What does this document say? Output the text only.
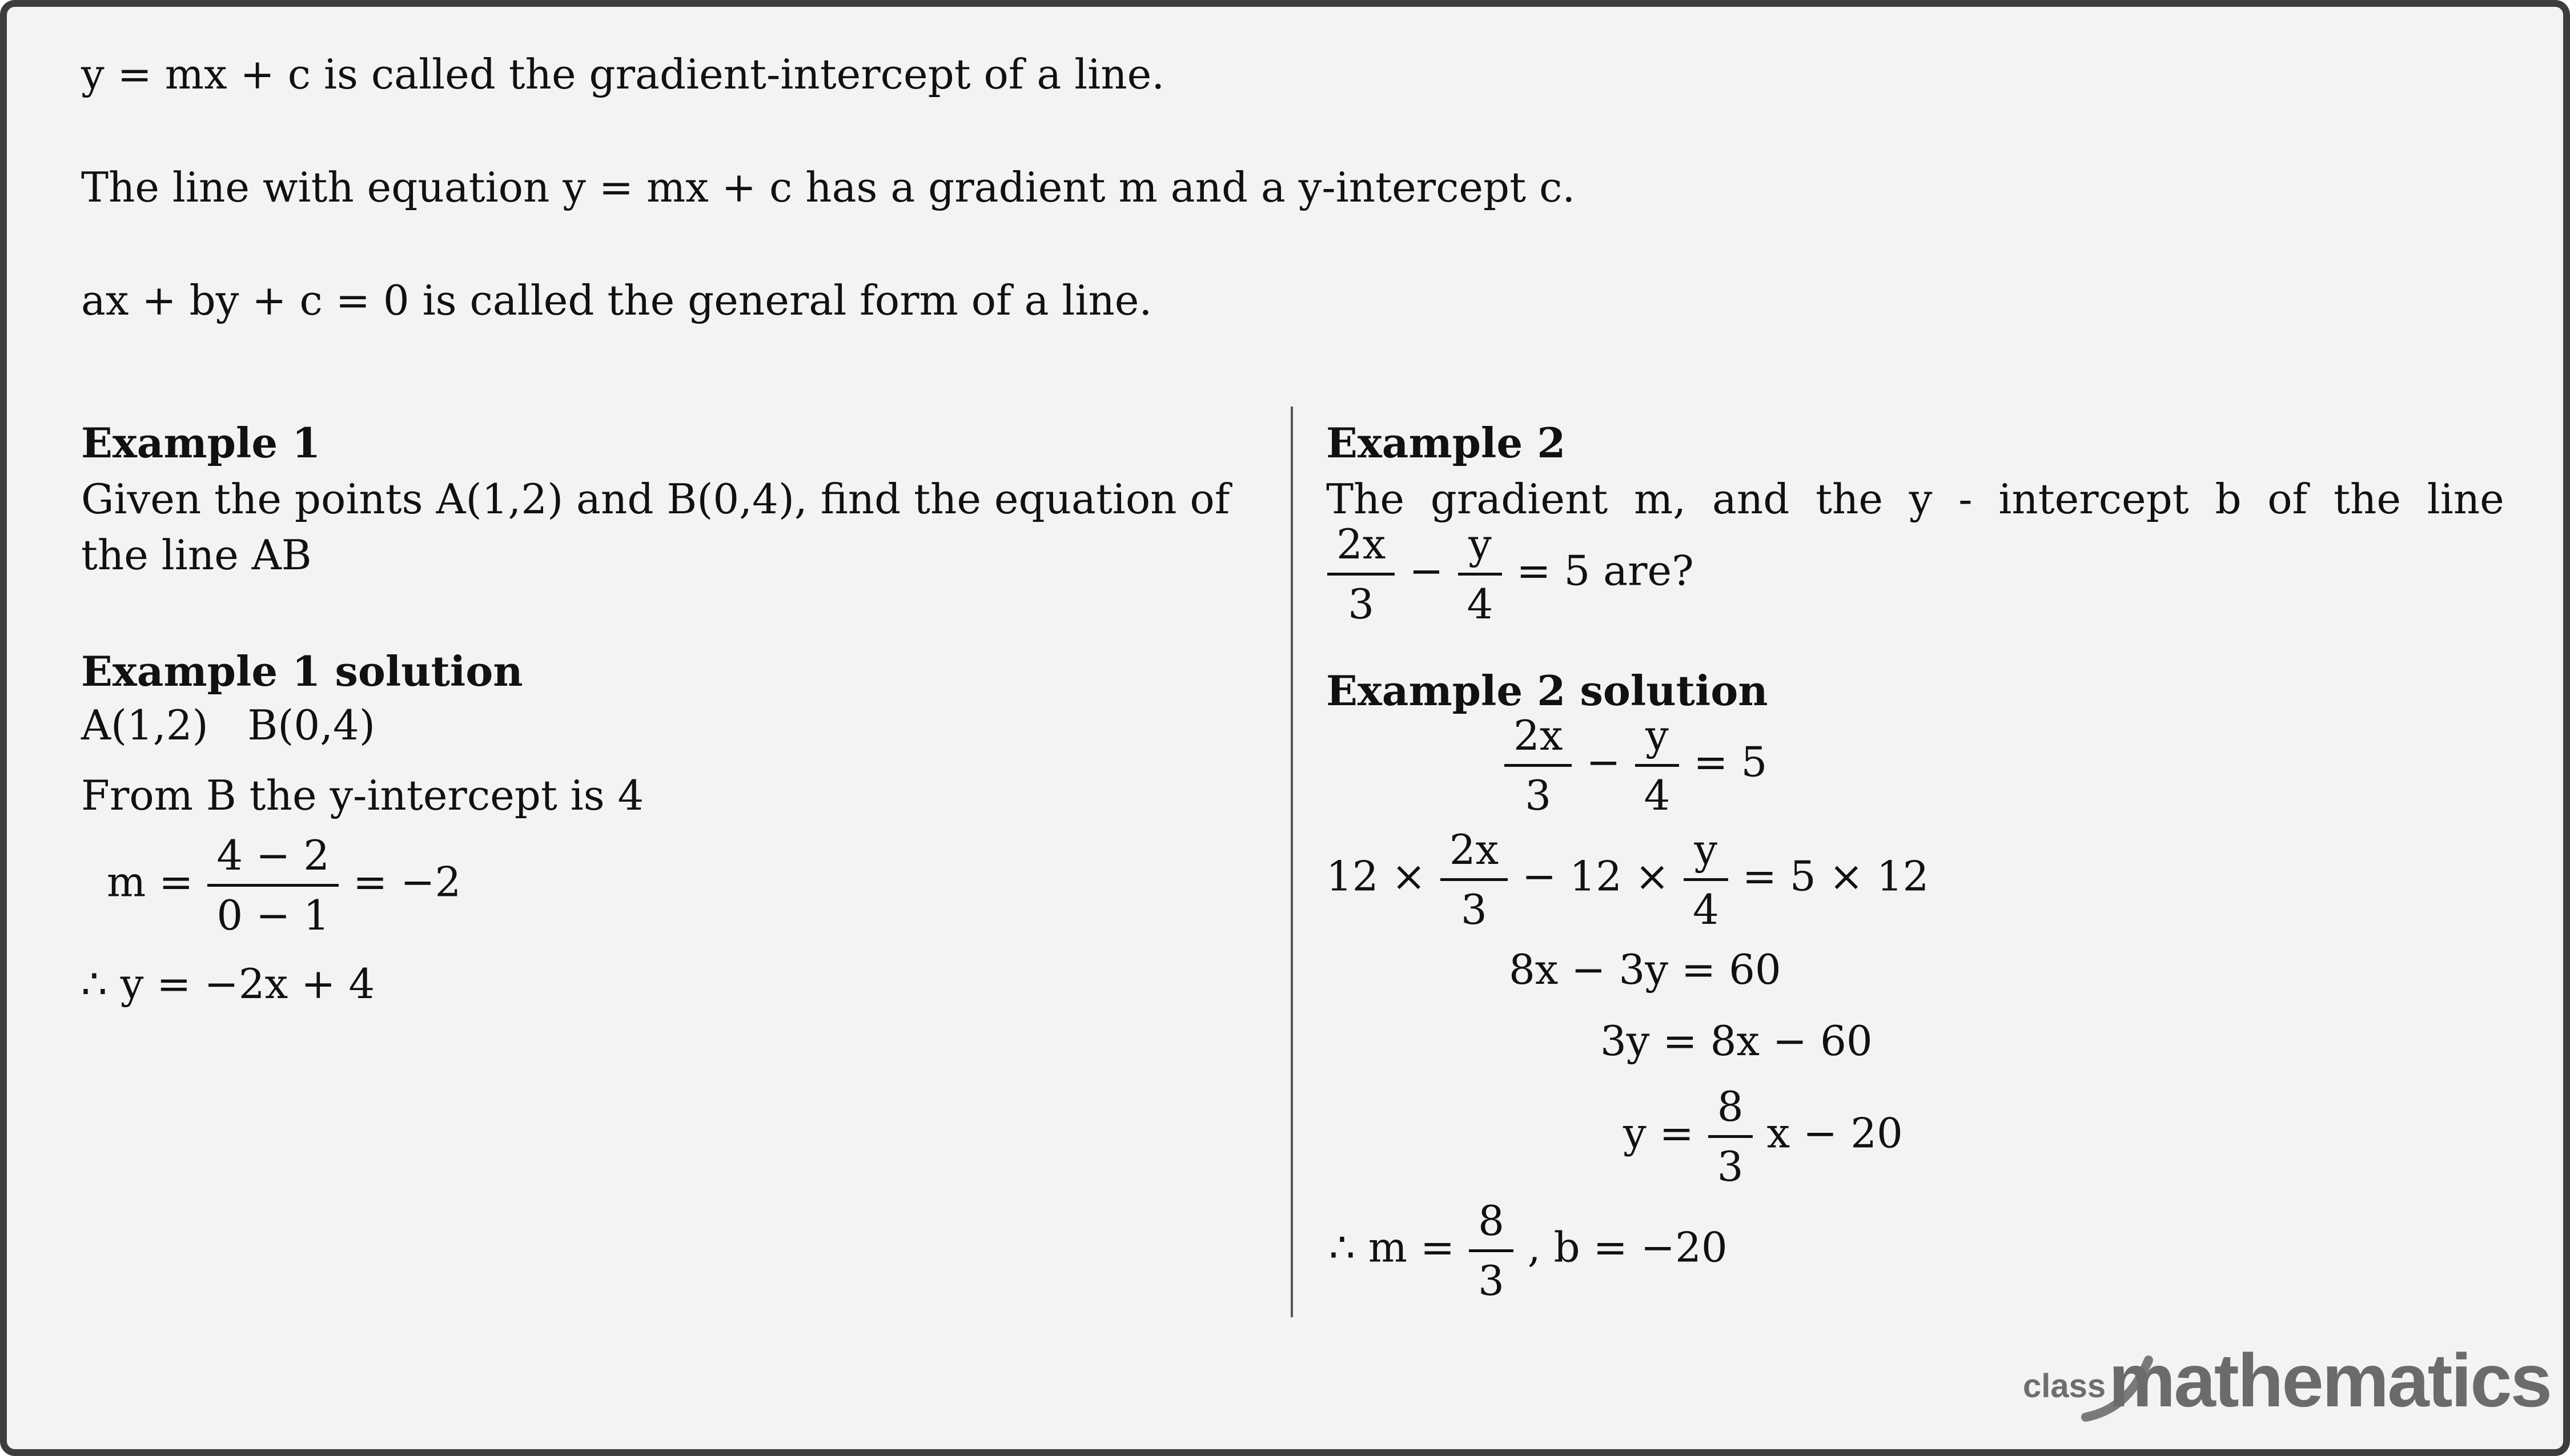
y = mx + c is called the gradient-intercept of a line.
The line with equation y = mx + c has a gradient m and a y-intercept c.
ax + by + c = 0 is called the general form of a line.
Example 1
Given the points A(1,2) and B(0,4), find the equation of
the line AB
Example 1 solution
A(1,2)   B(0,4)
From B the y-intercept is 4
$m = \frac{4 - 2}{0 - 1} = -2$
∴ y = −2x + 4
Example 2
The  gradient  m,  and  the  y  -  intercept  b  of  the  line
$\frac{2x}{3} - \frac{y}{4} = 5$ are?
Example 2 solution
$\frac{2x}{3} - \frac{y}{4} = 5$
$12 \times \frac{2x}{3} - 12 \times \frac{y}{4} = 5 \times 12$
8x − 3y = 60
3y = 8x − 60
$y = \frac{8}{3}$ x − 20
∴ $m = \frac{8}{3}$ , b = −20
class mathematics
